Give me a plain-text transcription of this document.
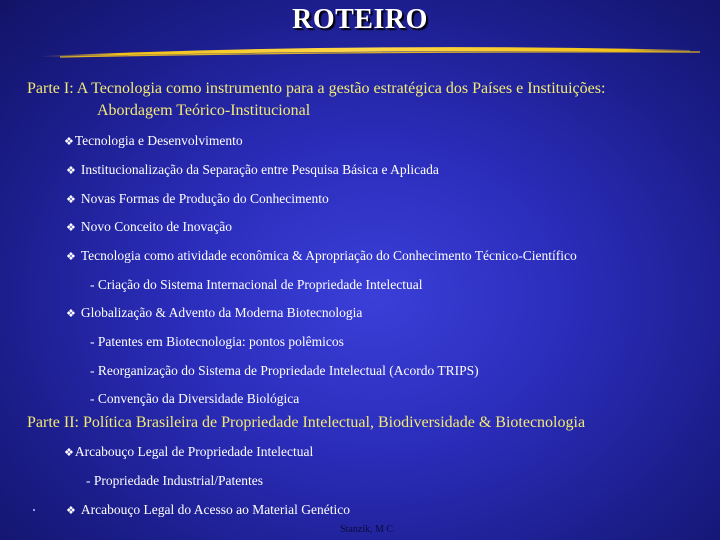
ROTEIRO
Parte I: A Tecnologia como instrumento para a gestão estratégica dos Países e Instituições:
Abordagem Teórico-Institucional
❖Tecnologia e Desenvolvimento
❖ Institucionalização da Separação entre Pesquisa Básica e Aplicada
❖ Novas Formas de Produção do Conhecimento
❖ Novo Conceito de Inovação
❖ Tecnologia como atividade econômica & Apropriação do Conhecimento Técnico-Científico
- Criação do Sistema Internacional de Propriedade Intelectual
❖ Globalização & Advento da Moderna Biotecnologia
- Patentes em Biotecnologia: pontos polêmicos
- Reorganização do Sistema de Propriedade Intelectual (Acordo TRIPS)
- Convenção da Diversidade Biológica
Parte II: Política Brasileira de Propriedade Intelectual, Biodiversidade & Biotecnologia
❖Arcabouço Legal de Propriedade Intelectual
- Propriedade Industrial/Patentes
❖ Arcabouço Legal do Acesso ao Material Genético
Stanzik, M C
